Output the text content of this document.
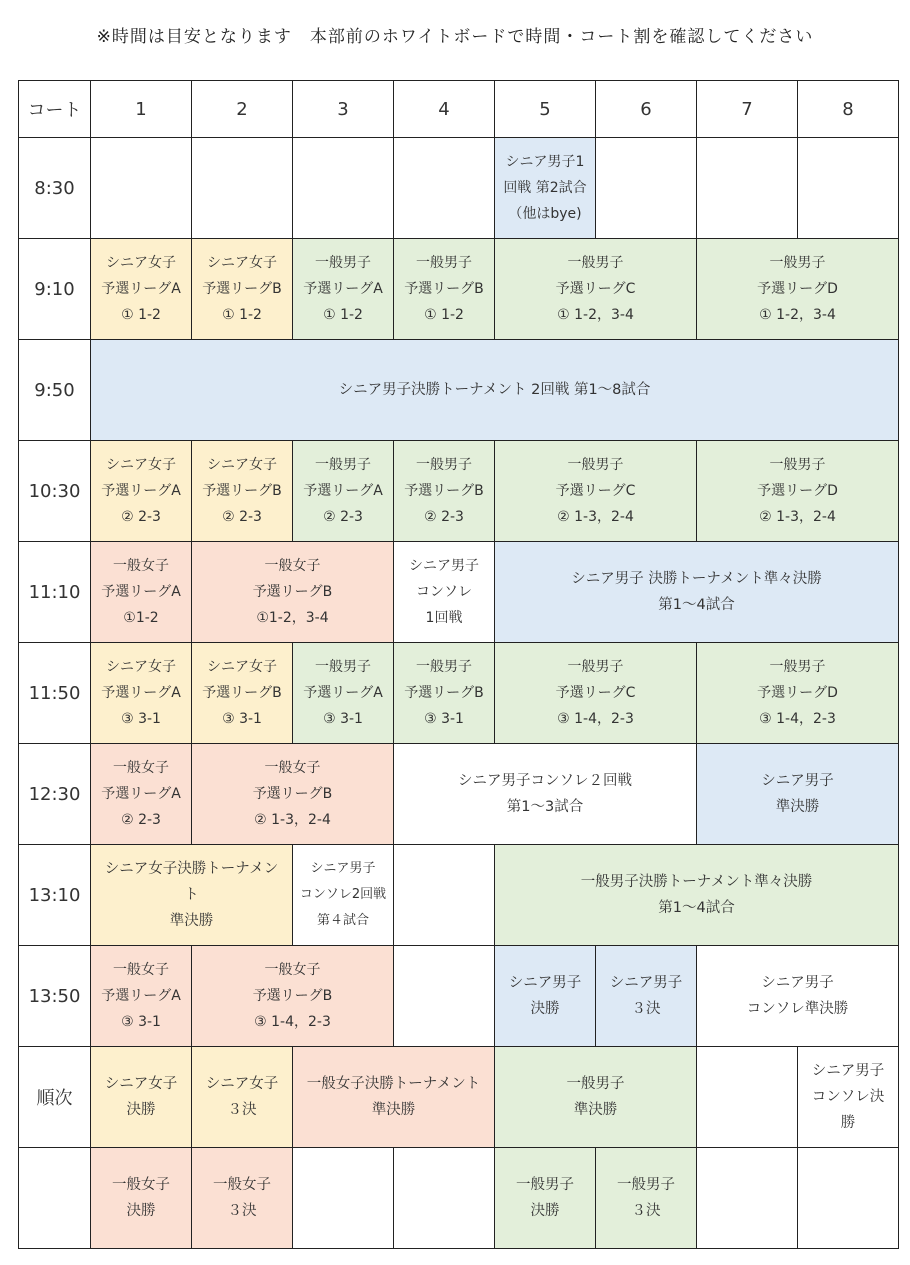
※時間は目安となります　本部前のホワイトボードで時間・コート割を確認してください
コート	1	2	3	4	5	6	7	8
8:30					シニア男子1
回戦 第2試合
（他はbye)			

9:10	シニア女子
予選リーグA
① 1-2	シニア女子
予選リーグB
① 1-2	一般男子
予選リーグA
① 1-2	一般男子
予選リーグB
① 1-2	一般男子
予選リーグC
① 1-2，3-4		一般男子
予選リーグD
① 1-2，3-4	

9:50	シニア男子決勝トーナメント 2回戦 第1～8試合							

10:30	シニア女子
予選リーグA
② 2-3	シニア女子
予選リーグB
② 2-3	一般男子
予選リーグA
② 2-3	一般男子
予選リーグB
② 2-3	一般男子
予選リーグC
② 1-3，2-4		一般男子
予選リーグD
② 1-3，2-4	

11:10	一般女子
予選リーグA
①1-2	一般女子
予選リーグB
①1-2，3-4		シニア男子
コンソレ
1回戦	シニア男子 決勝トーナメント準々決勝
第1～4試合			

11:50	シニア女子
予選リーグA
③ 3-1	シニア女子
予選リーグB
③ 3-1	一般男子
予選リーグA
③ 3-1	一般男子
予選リーグB
③ 3-1	一般男子
予選リーグC
③ 1-4，2-3		一般男子
予選リーグD
③ 1-4，2-3	

12:30	一般女子
予選リーグA
② 2-3	一般女子
予選リーグB
② 1-3，2-4		シニア男子コンソレ２回戦
第1～3試合			シニア男子
準決勝	

13:10	シニア女子決勝トーナメン
ト
準決勝		シニア男子
コンソレ2回戦
第４試合		一般男子決勝トーナメント準々決勝
第1～4試合			

13:50	一般女子
予選リーグA
③ 3-1	一般女子
予選リーグB
③ 1-4，2-3			シニア男子
決勝	シニア男子
３決	シニア男子
コンソレ準決勝	

順次	シニア女子
決勝	シニア女子
３決	一般女子決勝トーナメント
準決勝		一般男子
準決勝			シニア男子
コンソレ決
勝

	一般女子
決勝	一般女子
３決			一般男子
決勝	一般男子
３決		
